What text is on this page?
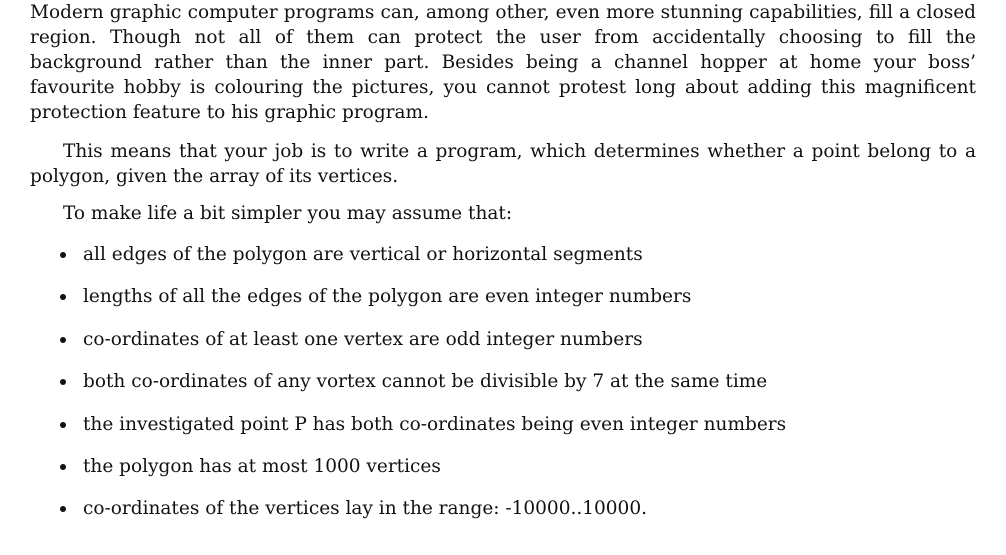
Modern graphic computer programs can, among other, even more stunning capabilities, fill a closed region. Though not all of them can protect the user from accidentally choosing to fill the background rather than the inner part. Besides being a channel hopper at home your boss’ favourite hobby is colouring the pictures, you cannot protest long about adding this magnificent protection feature to his graphic program.

This means that your job is to write a program, which determines whether a point belong to a polygon, given the array of its vertices.

To make life a bit simpler you may assume that:

all edges of the polygon are vertical or horizontal segments
lengths of all the edges of the polygon are even integer numbers
co-ordinates of at least one vertex are odd integer numbers
both co-ordinates of any vortex cannot be divisible by 7 at the same time
the investigated point P has both co-ordinates being even integer numbers
the polygon has at most 1000 vertices
co-ordinates of the vertices lay in the range: -10000..10000.
